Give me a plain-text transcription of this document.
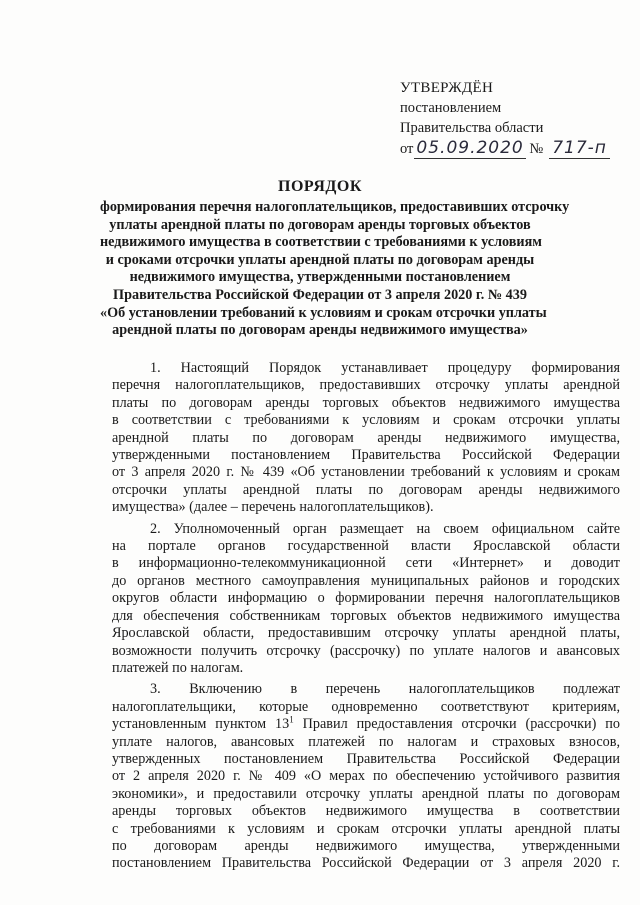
УТВЕРЖДЁН
постановлением
Правительства области
от 05.09.2020 № 717-п
ПОРЯДОК
формирования перечня налогоплательщиков, предоставивших отсрочку
уплаты арендной платы по договорам аренды торговых объектов
недвижимого имущества в соответствии с требованиями к условиям
и сроками отсрочки уплаты арендной платы по договорам аренды
недвижимого имущества, утвержденными постановлением
Правительства Российской Федерации от 3 апреля 2020 г. № 439
«Об установлении требований к условиям и срокам отсрочки уплаты
арендной платы по договорам аренды недвижимого имущества»
1. Настоящий Порядок устанавливает процедуру формирования
перечня налогоплательщиков, предоставивших отсрочку уплаты арендной
платы по договорам аренды торговых объектов недвижимого имущества
в соответствии с требованиями к условиям и срокам отсрочки уплаты
арендной платы по договорам аренды недвижимого имущества,
утвержденными постановлением Правительства Российской Федерации
от 3 апреля 2020 г. № 439 «Об установлении требований к условиям и срокам
отсрочки уплаты арендной платы по договорам аренды недвижимого
имущества» (далее – перечень налогоплательщиков).
2. Уполномоченный орган размещает на своем официальном сайте
на портале органов государственной власти Ярославской области
в информационно-телекоммуникационной сети «Интернет» и доводит
до органов местного самоуправления муниципальных районов и городских
округов области информацию о формировании перечня налогоплательщиков
для обеспечения собственникам торговых объектов недвижимого имущества
Ярославской области, предоставившим отсрочку уплаты арендной платы,
возможности получить отсрочку (рассрочку) по уплате налогов и авансовых
платежей по налогам.
3. Включению в перечень налогоплательщиков подлежат
налогоплательщики, которые одновременно соответствуют критериям,
установленным пунктом $13^1$ Правил предоставления отсрочки (рассрочки) по
уплате налогов, авансовых платежей по налогам и страховых взносов,
утвержденных постановлением Правительства Российской Федерации
от 2 апреля 2020 г. № 409 «О мерах по обеспечению устойчивого развития
экономики», и предоставили отсрочку уплаты арендной платы по договорам
аренды торговых объектов недвижимого имущества в соответствии
с требованиями к условиям и срокам отсрочки уплаты арендной платы
по договорам аренды недвижимого имущества, утвержденными
постановлением Правительства Российской Федерации от 3 апреля 2020 г.
